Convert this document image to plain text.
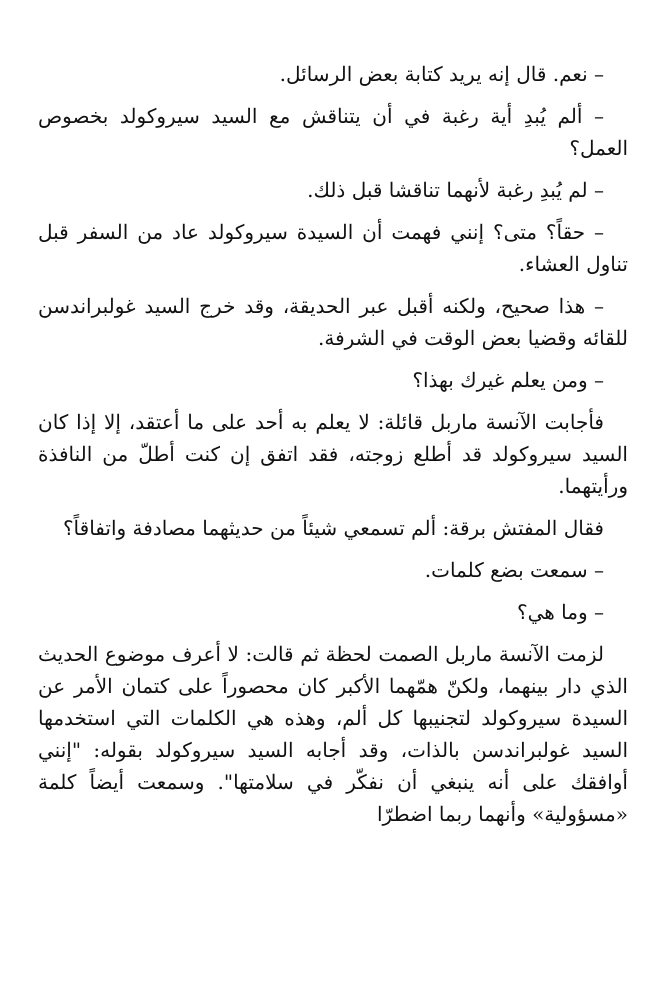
– نعم. قال إنه يريد كتابة بعض الرسائل.

– ألم يُبدِ أية رغبة في أن يتناقش مع السيد سيروكولد بخصوص العمل؟

– لم يُبدِ رغبة لأنهما تناقشا قبل ذلك.

– حقاً؟ متى؟ إنني فهمت أن السيدة سيروكولد عاد من السفر قبل تناول العشاء.

– هذا صحيح، ولكنه أقبل عبر الحديقة، وقد خرج السيد غولبراندسن للقائه وقضيا بعض الوقت في الشرفة.

– ومن يعلم غيرك بهذا؟

فأجابت الآنسة ماربل قائلة: لا يعلم به أحد على ما أعتقد، إلا إذا كان السيد سيروكولد قد أطلع زوجته، فقد اتفق إن كنت أطلّ من النافذة ورأيتهما.

فقال المفتش برقة: ألم تسمعي شيئاً من حديثهما مصادفة واتفاقاً؟

– سمعت بضع كلمات.

– وما هي؟

لزمت الآنسة ماربل الصمت لحظة ثم قالت: لا أعرف موضوع الحديث الذي دار بينهما، ولكنّ همّهما الأكبر كان محصوراً على كتمان الأمر عن السيدة سيروكولد لتجنيبها كل ألم، وهذه هي الكلمات التي استخدمها السيد غولبراندسن بالذات، وقد أجابه السيد سيروكولد بقوله: "إنني أوافقك على أنه ينبغي أن نفكّر في سلامتها". وسمعت أيضاً كلمة «مسؤولية» وأنهما ربما اضطرّا
